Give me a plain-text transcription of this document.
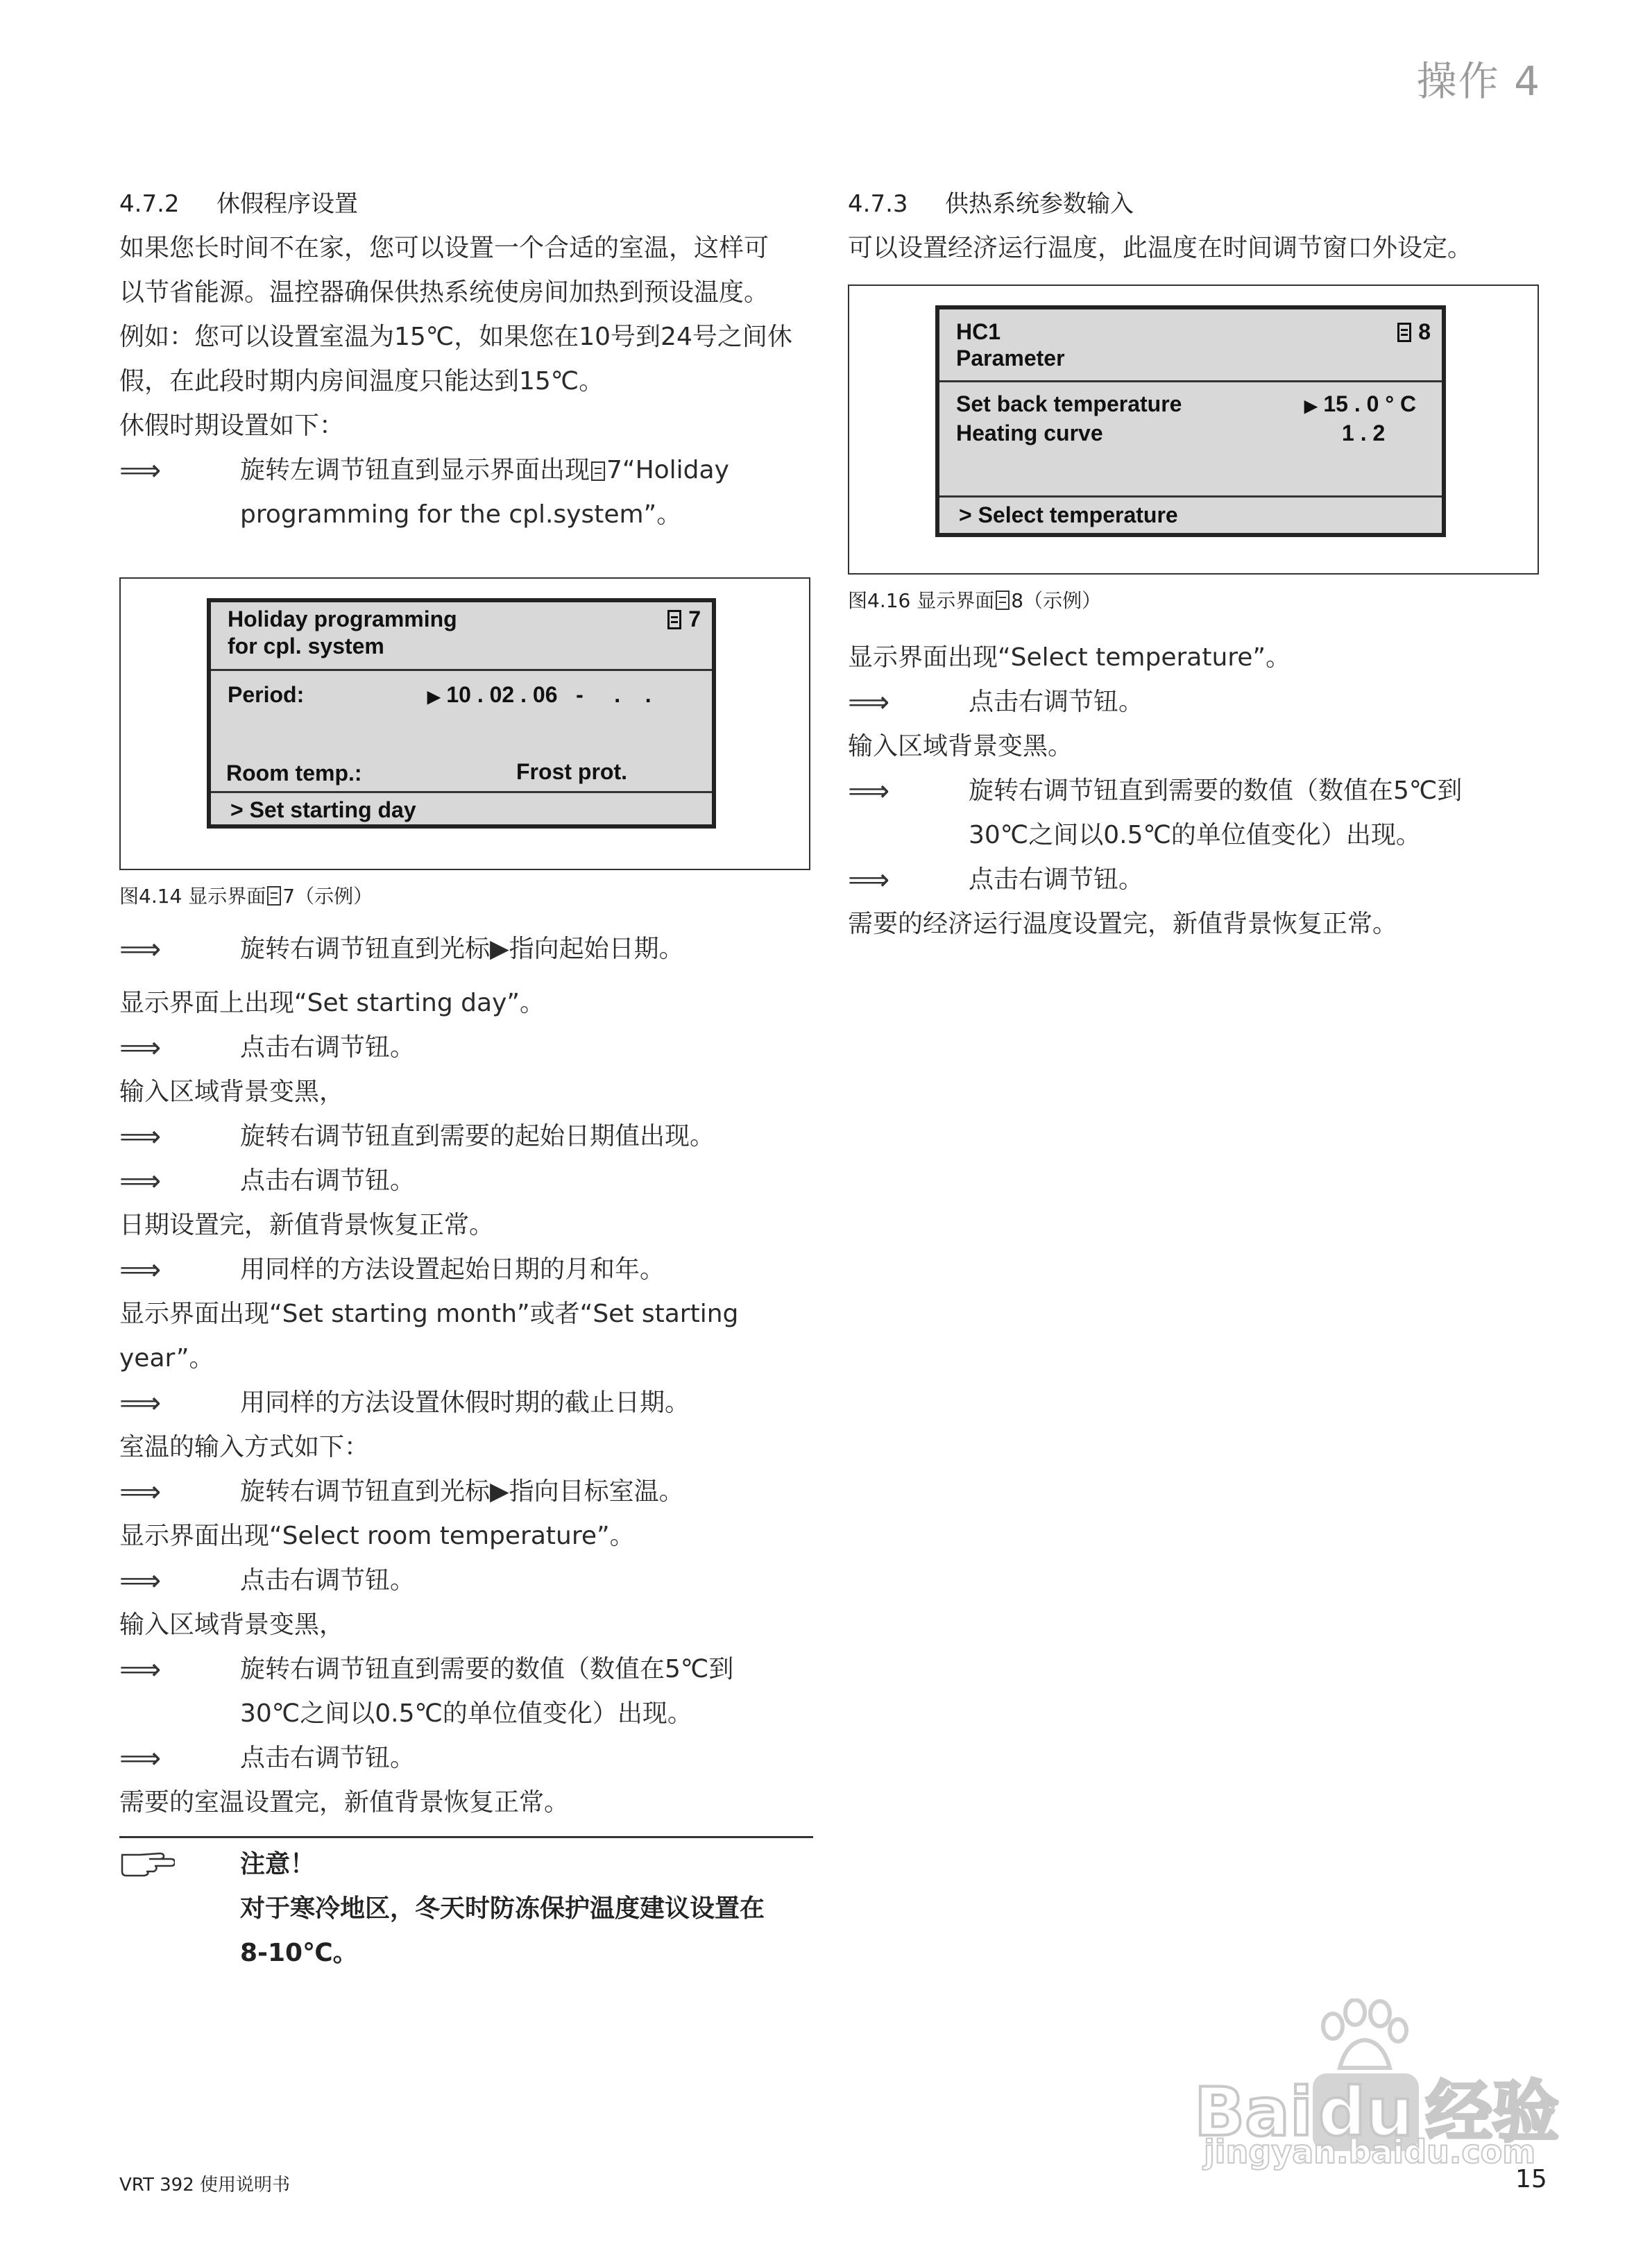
操作 4
4.7.2 休假程序设置
如果您长时间不在家，您可以设置一个合适的室温，这样可
以节省能源。温控器确保供热系统使房间加热到预设温度。
例如：您可以设置室温为15℃，如果您在10号到24号之间休
假，在此段时期内房间温度只能达到15℃。
休假时期设置如下：
⟹	旋转左调节钮直到显示界面出现 7“Holiday
programming for the cpl.system”。
Holiday programming
for cpl. system
7
Period:	▶ 10 . 02 . 06   -     .    .
Room temp.:	Frost prot.
> Set starting day
图4.14 显示界面 7（示例）
⟹	旋转右调节钮直到光标▶指向起始日期。
显示界面上出现“Set starting day”。
⟹	点击右调节钮。
输入区域背景变黑，
⟹	旋转右调节钮直到需要的起始日期值出现。
⟹	点击右调节钮。
日期设置完，新值背景恢复正常。
⟹	用同样的方法设置起始日期的月和年。
显示界面出现“Set starting month”或者“Set starting
year”。
⟹	用同样的方法设置休假时期的截止日期。
室温的输入方式如下：
⟹	旋转右调节钮直到光标▶指向目标室温。
显示界面出现“Select room temperature”。
⟹	点击右调节钮。
输入区域背景变黑，
⟹	旋转右调节钮直到需要的数值（数值在5℃到
30℃之间以0.5℃的单位值变化）出现。
⟹	点击右调节钮。
需要的室温设置完，新值背景恢复正常。
注意！
对于寒冷地区，冬天时防冻保护温度建议设置在
8-10℃。
4.7.3 供热系统参数输入
可以设置经济运行温度，此温度在时间调节窗口外设定。
HC1
Parameter
8
Set back temperature	▶ 15 . 0 ° C
Heating curve	1 . 2
> Select temperature
图4.16 显示界面 8（示例）
显示界面出现“Select temperature”。
⟹	点击右调节钮。
输入区域背景变黑。
⟹	旋转右调节钮直到需要的数值（数值在5℃到
30℃之间以0.5℃的单位值变化）出现。
⟹	点击右调节钮。
需要的经济运行温度设置完，新值背景恢复正常。
VRT 392 使用说明书	15
Baidu 经验
jingyan.baidu.com
